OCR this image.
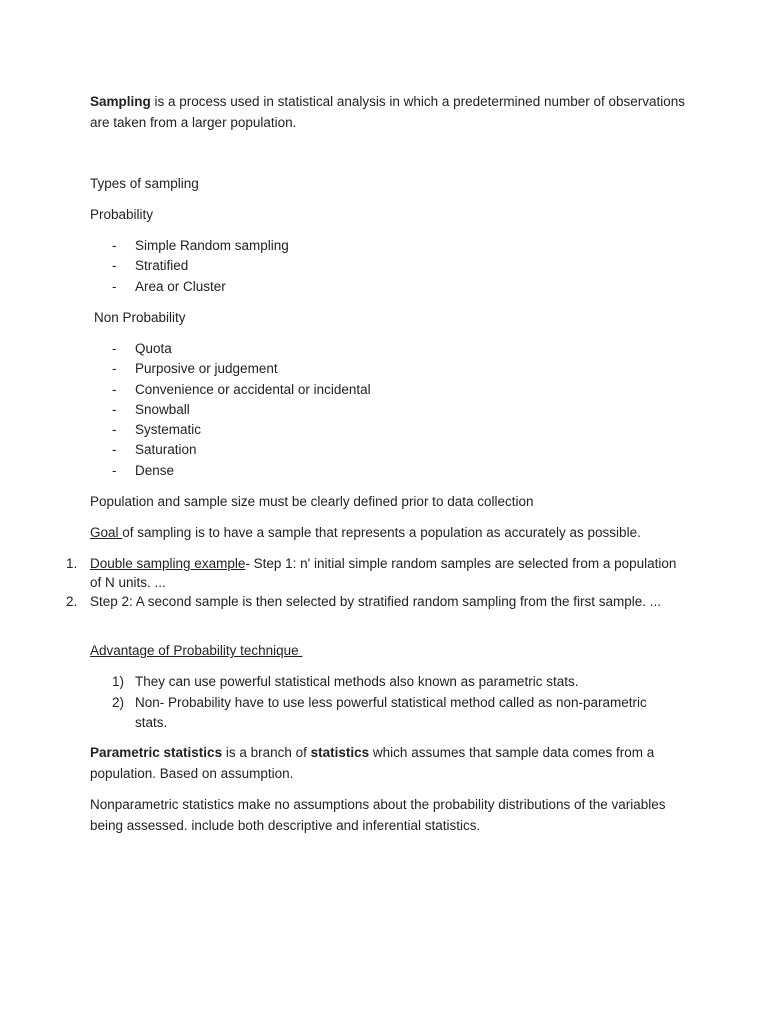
Sampling is a process used in statistical analysis in which a predetermined number of observations are taken from a larger population.

Types of sampling

Probability

- Simple Random sampling
- Stratified
- Area or Cluster

Non Probability

- Quota
- Purposive or judgement
- Convenience or accidental or incidental
- Snowball
- Systematic
- Saturation
- Dense

Population and sample size must be clearly defined prior to data collection

Goal of sampling is to have a sample that represents a population as accurately as possible.

1. Double sampling example- Step 1: n' initial simple random samples are selected from a population of N units. ...
2. Step 2: A second sample is then selected by stratified random sampling from the first sample. ...

Advantage of Probability technique

1) They can use powerful statistical methods also known as parametric stats.
2) Non- Probability have to use less powerful statistical method called as non-parametric stats.

Parametric statistics is a branch of statistics which assumes that sample data comes from a population. Based on assumption.

Nonparametric statistics make no assumptions about the probability distributions of the variables being assessed. include both descriptive and inferential statistics.
